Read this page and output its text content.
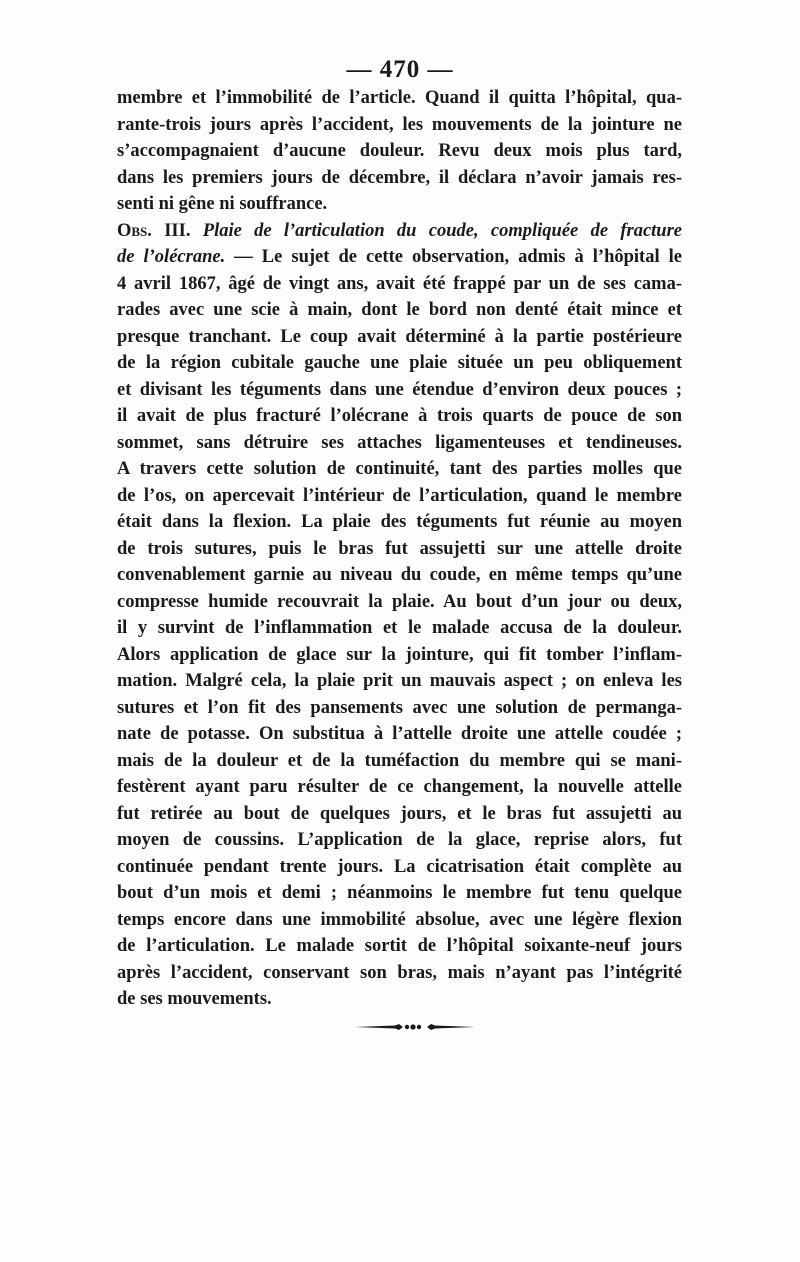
— 470 —
membre et l’immobilité de l’article. Quand il quitta l’hôpital, qua-
rante-trois jours après l’accident, les mouvements de la jointure ne
s’accompagnaient d’aucune douleur. Revu deux mois plus tard,
dans les premiers jours de décembre, il déclara n’avoir jamais res-
senti ni gêne ni souffrance.
Obs. III. Plaie de l’articulation du coude, compliquée de fracture
de l’olécrane. — Le sujet de cette observation, admis à l’hôpital le
4 avril 1867, âgé de vingt ans, avait été frappé par un de ses cama-
rades avec une scie à main, dont le bord non denté était mince et
presque tranchant. Le coup avait déterminé à la partie postérieure
de la région cubitale gauche une plaie située un peu obliquement
et divisant les téguments dans une étendue d’environ deux pouces ;
il avait de plus fracturé l’olécrane à trois quarts de pouce de son
sommet, sans détruire ses attaches ligamenteuses et tendineuses.
A travers cette solution de continuité, tant des parties molles que
de l’os, on apercevait l’intérieur de l’articulation, quand le membre
était dans la flexion. La plaie des téguments fut réunie au moyen
de trois sutures, puis le bras fut assujetti sur une attelle droite
convenablement garnie au niveau du coude, en même temps qu’une
compresse humide recouvrait la plaie. Au bout d’un jour ou deux,
il y survint de l’inflammation et le malade accusa de la douleur.
Alors application de glace sur la jointure, qui fit tomber l’inflam-
mation. Malgré cela, la plaie prit un mauvais aspect ; on enleva les
sutures et l’on fit des pansements avec une solution de permanga-
nate de potasse. On substitua à l’attelle droite une attelle coudée ;
mais de la douleur et de la tuméfaction du membre qui se mani-
festèrent ayant paru résulter de ce changement, la nouvelle attelle
fut retirée au bout de quelques jours, et le bras fut assujetti au
moyen de coussins. L’application de la glace, reprise alors, fut
continuée pendant trente jours. La cicatrisation était complète au
bout d’un mois et demi ; néanmoins le membre fut tenu quelque
temps encore dans une immobilité absolue, avec une légère flexion
de l’articulation. Le malade sortit de l’hôpital soixante-neuf jours
après l’accident, conservant son bras, mais n’ayant pas l’intégrité
de ses mouvements.
